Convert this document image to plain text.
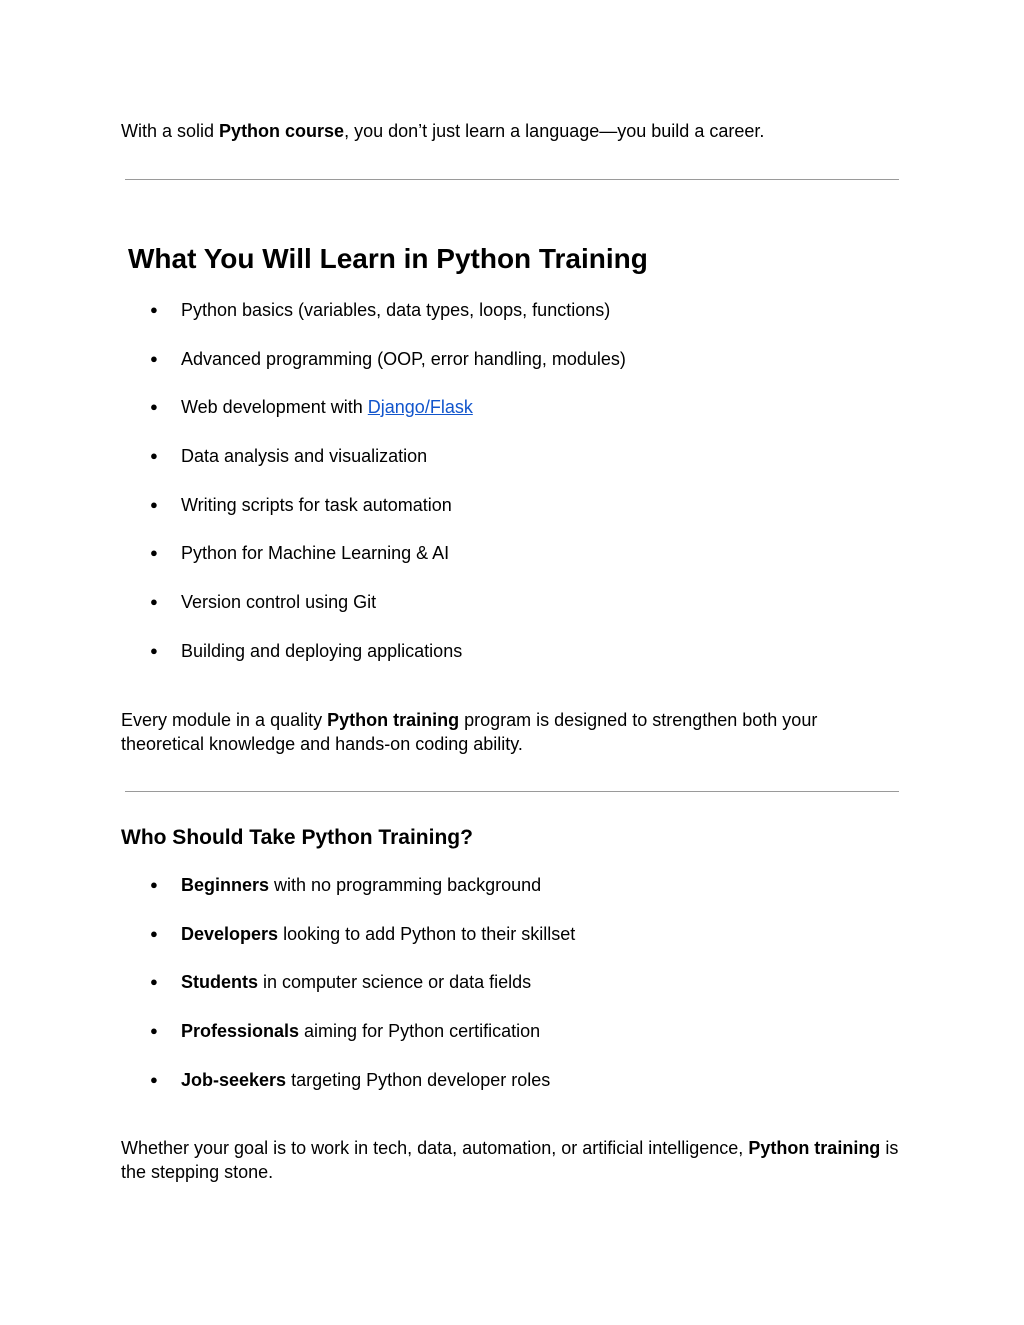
With a solid Python course, you don’t just learn a language—you build a career.

What You Will Learn in Python Training
● Python basics (variables, data types, loops, functions)
● Advanced programming (OOP, error handling, modules)
● Web development with Django/Flask
● Data analysis and visualization
● Writing scripts for task automation
● Python for Machine Learning & AI
● Version control using Git
● Building and deploying applications

Every module in a quality Python training program is designed to strengthen both your theoretical knowledge and hands-on coding ability.

Who Should Take Python Training?
● Beginners with no programming background
● Developers looking to add Python to their skillset
● Students in computer science or data fields
● Professionals aiming for Python certification
● Job-seekers targeting Python developer roles

Whether your goal is to work in tech, data, automation, or artificial intelligence, Python training is the stepping stone.
